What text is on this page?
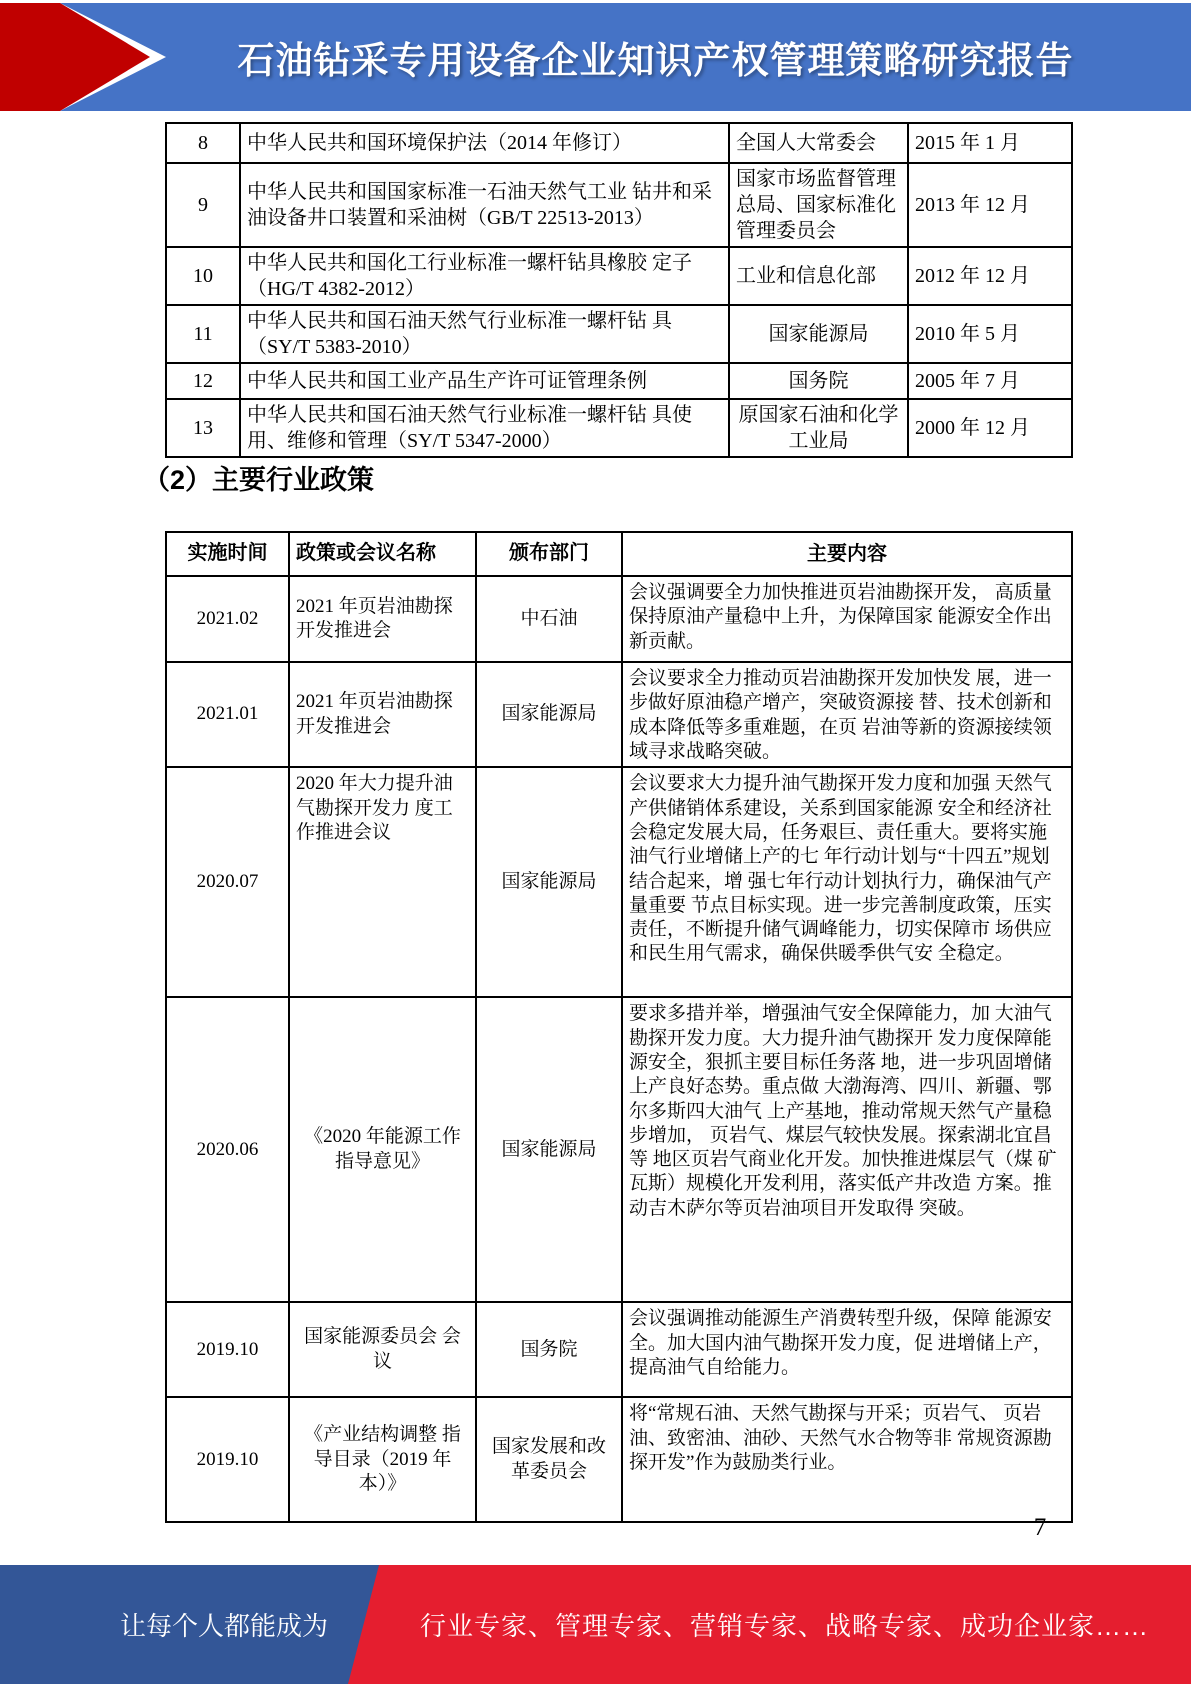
石油钻采专用设备企业知识产权管理策略研究报告
8	中华人民共和国环境保护法（2014 年修订）	全国人大常委会	2015 年 1 月
9	中华人民共和国国家标准一石油天然气工业 钻井和采油设备井口装置和采油树（GB/T 22513-2013）	国家市场监督管理总局、国家标准化管理委员会	2013 年 12 月
10	中华人民共和国化工行业标准一螺杆钻具橡胶 定子（HG/T 4382-2012）	工业和信息化部	2012 年 12 月
11	中华人民共和国石油天然气行业标准一螺杆钻 具（SY/T 5383-2010）	国家能源局	2010 年 5 月
12	中华人民共和国工业产品生产许可证管理条例	国务院	2005 年 7 月
13	中华人民共和国石油天然气行业标准一螺杆钻 具使用、维修和管理（SY/T 5347-2000）	原国家石油和化学工业局	2000 年 12 月
（2）主要行业政策
实施时间	政策或会议名称	颁布部门	主要内容
2021.02	2021 年页岩油勘探开发推进会	中石油	会议强调要全力加快推进页岩油勘探开发， 高质量保持原油产量稳中上升，为保障国家 能源安全作出新贡献。
2021.01	2021 年页岩油勘探开发推进会	国家能源局	会议要求全力推动页岩油勘探开发加快发 展，进一步做好原油稳产增产，突破资源接 替、技术创新和成本降低等多重难题，在页 岩油等新的资源接续领域寻求战略突破。
2020.07	2020 年大力提升油气勘探开发力 度工作推进会议	国家能源局	会议要求大力提升油气勘探开发力度和加强 天然气产供储销体系建设，关系到国家能源 安全和经济社会稳定发展大局，任务艰巨、责任重大。要将实施油气行业增储上产的七 年行动计划与“十四五”规划结合起来，增 强七年行动计划执行力，确保油气产量重要 节点目标实现。进一步完善制度政策，压实 责任，不断提升储气调峰能力，切实保障市 场供应和民生用气需求，确保供暖季供气安 全稳定。
2020.06	《2020 年能源工作指导意见》	国家能源局	要求多措并举，增强油气安全保障能力，加 大油气勘探开发力度。大力提升油气勘探开 发力度保障能源安全，狠抓主要目标任务落 地，进一步巩固增储上产良好态势。重点做 大渤海湾、四川、新疆、鄂尔多斯四大油气 上产基地，推动常规天然气产量稳步增加， 页岩气、煤层气较快发展。探索湖北宜昌等 地区页岩气商业化开发。加快推进煤层气（煤 矿瓦斯）规模化开发利用，落实低产井改造 方案。推动吉木萨尔等页岩油项目开发取得 突破。
2019.10	国家能源委员会 会议	国务院	会议强调推动能源生产消费转型升级，保障 能源安全。加大国内油气勘探开发力度，促 进增储上产，提高油气自给能力。
2019.10	《产业结构调整 指导目录（2019 年本）》	国家发展和改革委员会	将“常规石油、天然气勘探与开采；页岩气、 页岩油、致密油、油砂、天然气水合物等非 常规资源勘探开发”作为鼓励类行业。
7
让每个人都能成为	行业专家、管理专家、营销专家、战略专家、成功企业家……
